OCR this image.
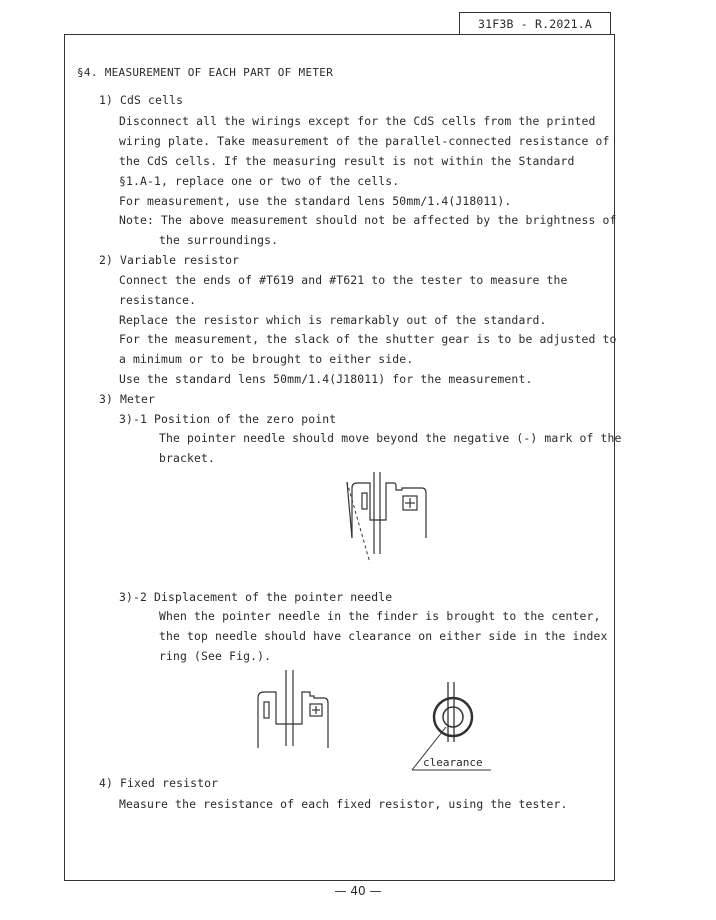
31F3B - R.2021.A
§4. MEASUREMENT OF EACH PART OF METER
1) CdS cells
Disconnect all the wirings except for the CdS cells from the printed
wiring plate. Take measurement of the parallel-connected resistance of
the CdS cells. If the measuring result is not within the Standard
§1.A-1, replace one or two of the cells.
For measurement, use the standard lens 50mm/1.4(J18011).
Note: The above measurement should not be affected by the brightness of
the surroundings.
2) Variable resistor
Connect the ends of #T619 and #T621 to the tester to measure the
resistance.
Replace the resistor which is remarkably out of the standard.
For the measurement, the slack of the shutter gear is to be adjusted to
a minimum or to be brought to either side.
Use the standard lens 50mm/1.4(J18011) for the measurement.
3) Meter
3)-1 Position of the zero point
The pointer needle should move beyond the negative (-) mark of the
bracket.
3)-2 Displacement of the pointer needle
When the pointer needle in the finder is brought to the center,
the top needle should have clearance on either side in the index
ring (See Fig.).
clearance
4) Fixed resistor
Measure the resistance of each fixed resistor, using the tester.
— 40 —
